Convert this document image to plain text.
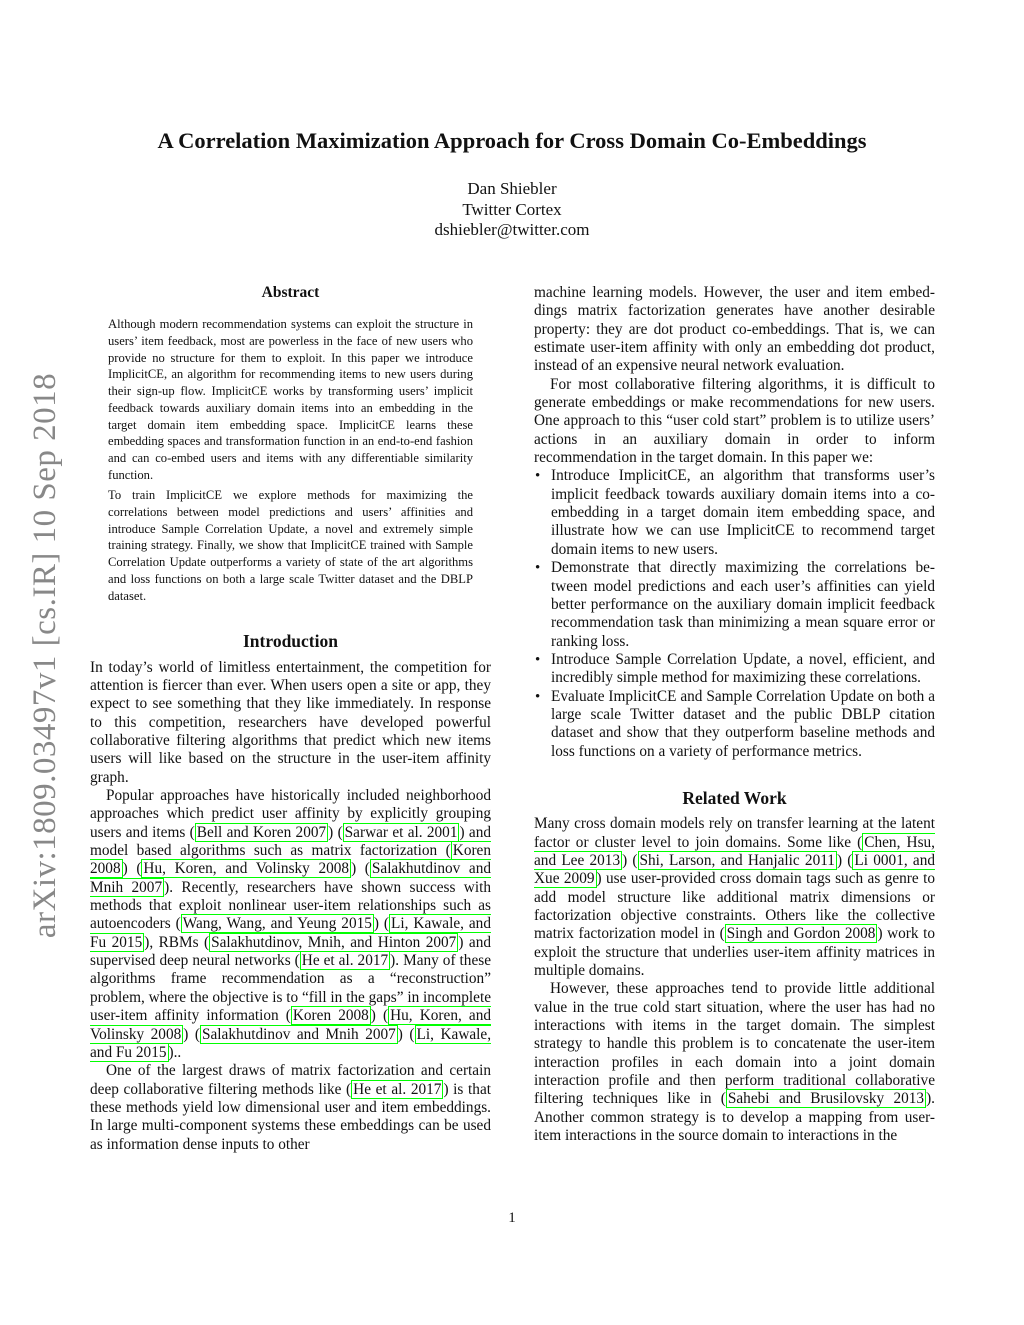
arXiv:1809.03497v1 [cs.IR] 10 Sep 2018
A Correlation Maximization Approach for Cross Domain Co-Embeddings
Dan Shiebler
Twitter Cortex
dshiebler@twitter.com
Abstract

Although modern recommendation systems can exploit the structure in users’ item feedback, most are powerless in the face of new users who provide no structure for them to exploit. In this paper we introduce ImplicitCE, an algorithm for recommending items to new users during their sign-up flow. ImplicitCE works by transforming users’ implicit feedback towards auxiliary domain items into an embedding in the target domain item embedding space. ImplicitCE learns these embedding spaces and transformation function in an end-to-end fashion and can co-embed users and items with any differentiable similarity function.

To train ImplicitCE we explore methods for maximizing the correlations between model predictions and users’ affinities and introduce Sample Correlation Update, a novel and extremely simple training strategy. Finally, we show that ImplicitCE trained with Sample Correlation Update outperforms a variety of state of the art algorithms and loss functions on both a large scale Twitter dataset and the DBLP dataset.

Introduction

In today’s world of limitless entertainment, the competition for attention is fiercer than ever. When users open a site or app, they expect to see something that they like immediately. In response to this competition, researchers have developed powerful collaborative filtering algorithms that predict which new items users will like based on the structure in the user-item affinity graph.

Popular approaches have historically included neighborhood approaches which predict user affinity by explicitly grouping users and items ( Bell and Koren 2007 ) ( Sarwar et al. 2001 ) and model based algorithms such as matrix factorization ( Koren 2008 ) ( Hu, Koren, and Volinsky 2008 ) ( Salakhutdinov and Mnih 2007 ). Recently, researchers have shown success with methods that exploit nonlinear user-item relationships such as autoencoders ( Wang, Wang, and Yeung 2015 ) ( Li, Kawale, and Fu 2015 ), RBMs ( Salakhutdinov, Mnih, and Hinton 2007 ) and supervised deep neural networks ( He et al. 2017 ). Many of these algorithms frame recommendation as a “reconstruction” problem, where the objective is to “fill in the gaps” in incomplete user-item affinity information ( Koren 2008 ) ( Hu, Koren, and Volinsky 2008 ) ( Salakhutdinov and Mnih 2007 ) ( Li, Kawale, and Fu 2015 )..

One of the largest draws of matrix factorization and certain deep collaborative filtering methods like ( He et al. 2017 ) is that these methods yield low dimensional user and item embeddings. In large multi-component systems these embeddings can be used as information dense inputs to other

machine learning models. However, the user and item embeddings matrix factorization generates have another desirable property: they are dot product co-embeddings. That is, we can estimate user-item affinity with only an embedding dot product, instead of an expensive neural network evaluation.

For most collaborative filtering algorithms, it is difficult to generate embeddings or make recommendations for new users. One approach to this “user cold start” problem is to utilize users’ actions in an auxiliary domain in order to inform recommendation in the target domain. In this paper we:

• Introduce ImplicitCE, an algorithm that transforms user’s implicit feedback towards auxiliary domain items into a co-embedding in a target domain item embedding space, and illustrate how we can use ImplicitCE to recommend target domain items to new users.
• Demonstrate that directly maximizing the correlations between model predictions and each user’s affinities can yield better performance on the auxiliary domain implicit feedback recommendation task than minimizing a mean square error or ranking loss.
• Introduce Sample Correlation Update, a novel, efficient, and incredibly simple method for maximizing these correlations.
• Evaluate ImplicitCE and Sample Correlation Update on both a large scale Twitter dataset and the public DBLP citation dataset and show that they outperform baseline methods and loss functions on a variety of performance metrics.
Related Work

Many cross domain models rely on transfer learning at the latent factor or cluster level to join domains. Some like ( Chen, Hsu, and Lee 2013 ) ( Shi, Larson, and Hanjalic 2011 ) ( Li 0001, and Xue 2009 ) use user-provided cross domain tags such as genre to add model structure like additional matrix dimensions or factorization objective constraints. Others like the collective matrix factorization model in ( Singh and Gordon 2008 ) work to exploit the structure that underlies user-item affinity matrices in multiple domains.

However, these approaches tend to provide little additional value in the true cold start situation, where the user has had no interactions with items in the target domain. The simplest strategy to handle this problem is to concatenate the user-item interaction profiles in each domain into a joint domain interaction profile and then perform traditional collaborative filtering techniques like in ( Sahebi and Brusilovsky 2013 ). Another common strategy is to develop a mapping from user-item interactions in the source domain to interactions in the

1
